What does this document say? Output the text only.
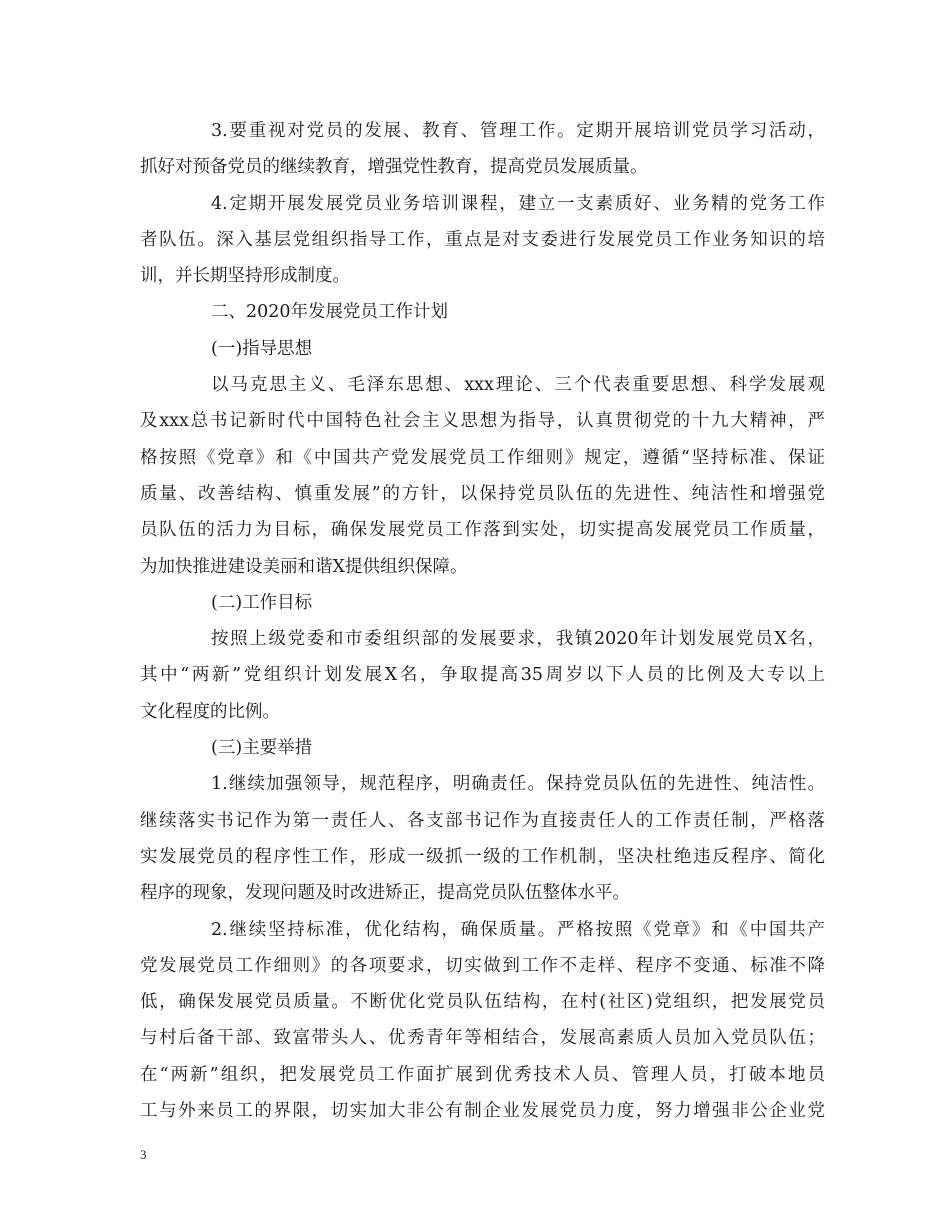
3.要重视对党员的发展、教育、管理工作。定期开展培训党员学习活动，
抓好对预备党员的继续教育，增强党性教育，提高党员发展质量。
4.定期开展发展党员业务培训课程，建立一支素质好、业务精的党务工作
者队伍。深入基层党组织指导工作，重点是对支委进行发展党员工作业务知识的培
训，并长期坚持形成制度。
二、2020年发展党员工作计划
(一)指导思想
以马克思主义、毛泽东思想、xxx理论、三个代表重要思想、科学发展观
及xxx总书记新时代中国特色社会主义思想为指导，认真贯彻党的十九大精神，严
格按照《党章》和《中国共产党发展党员工作细则》规定，遵循“坚持标准、保证
质量、改善结构、慎重发展”的方针，以保持党员队伍的先进性、纯洁性和增强党
员队伍的活力为目标，确保发展党员工作落到实处，切实提高发展党员工作质量，
为加快推进建设美丽和谐X提供组织保障。
(二)工作目标
按照上级党委和市委组织部的发展要求，我镇2020年计划发展党员X名，
其中“两新”党组织计划发展X名，争取提高35周岁以下人员的比例及大专以上
文化程度的比例。
(三)主要举措
1.继续加强领导，规范程序，明确责任。保持党员队伍的先进性、纯洁性。
继续落实书记作为第一责任人、各支部书记作为直接责任人的工作责任制，严格落
实发展党员的程序性工作，形成一级抓一级的工作机制，坚决杜绝违反程序、简化
程序的现象，发现问题及时改进矫正，提高党员队伍整体水平。
2.继续坚持标准，优化结构，确保质量。严格按照《党章》和《中国共产
党发展党员工作细则》的各项要求，切实做到工作不走样、程序不变通、标准不降
低，确保发展党员质量。不断优化党员队伍结构，在村(社区)党组织，把发展党员
与村后备干部、致富带头人、优秀青年等相结合，发展高素质人员加入党员队伍；
在“两新”组织，把发展党员工作面扩展到优秀技术人员、管理人员，打破本地员
工与外来员工的界限，切实加大非公有制企业发展党员力度，努力增强非公企业党
3
